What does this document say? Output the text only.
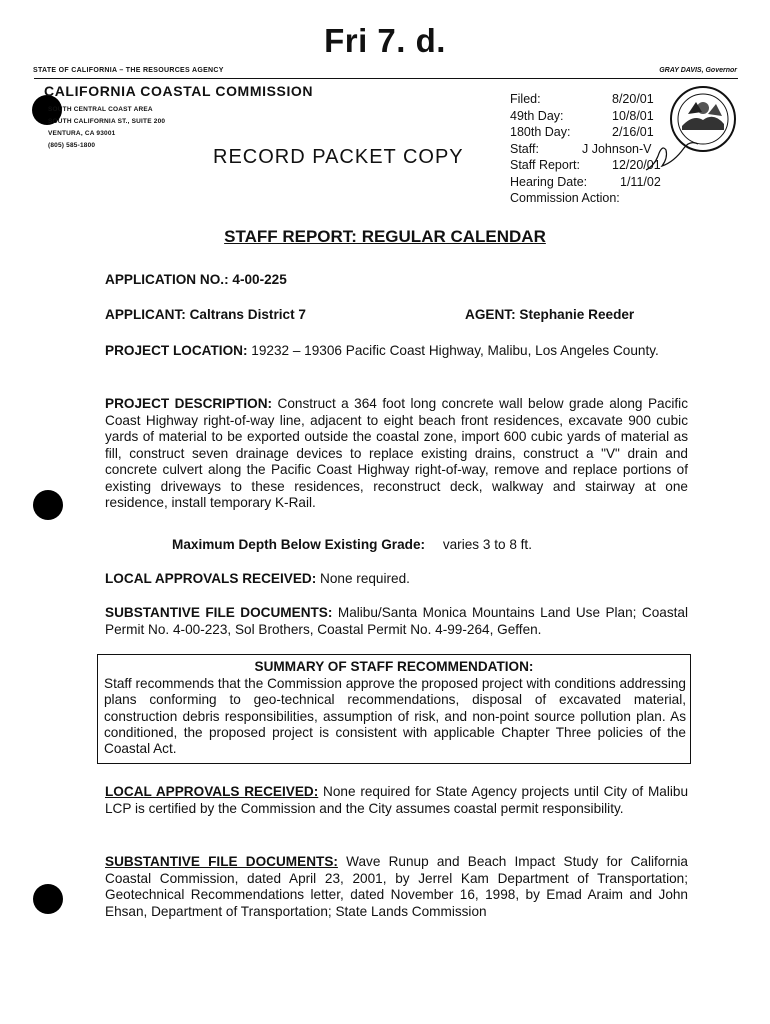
Fri 7. d.
STATE OF CALIFORNIA – THE RESOURCES AGENCY	GRAY DAVIS, Governor
CALIFORNIA COASTAL COMMISSION
SOUTH CENTRAL COAST AREA
SOUTH CALIFORNIA ST., SUITE 200
VENTURA, CA 93001
(805) 585-1800
RECORD PACKET COPY
Filed:	8/20/01
49th Day:	10/8/01
180th Day:	2/16/01
Staff:	J Johnson-V
Staff Report:	12/20/01
Hearing Date:	1/11/02
Commission Action:
STAFF REPORT: REGULAR CALENDAR
APPLICATION NO.: 4-00-225
APPLICANT: Caltrans District 7	AGENT: Stephanie Reeder
PROJECT LOCATION: 19232 – 19306 Pacific Coast Highway, Malibu, Los Angeles County.
PROJECT DESCRIPTION: Construct a 364 foot long concrete wall below grade along Pacific Coast Highway right-of-way line, adjacent to eight beach front residences, excavate 900 cubic yards of material to be exported outside the coastal zone, import 600 cubic yards of material as fill, construct seven drainage devices to replace existing drains, construct a "V" drain and concrete culvert along the Pacific Coast Highway right-of-way, remove and replace portions of existing driveways to these residences, reconstruct deck, walkway and stairway at one residence, install temporary K-Rail.
Maximum Depth Below Existing Grade: varies 3 to 8 ft.
LOCAL APPROVALS RECEIVED: None required.
SUBSTANTIVE FILE DOCUMENTS: Malibu/Santa Monica Mountains Land Use Plan; Coastal Permit No. 4-00-223, Sol Brothers, Coastal Permit No. 4-99-264, Geffen.
SUMMARY OF STAFF RECOMMENDATION:
Staff recommends that the Commission approve the proposed project with conditions addressing plans conforming to geo-technical recommendations, disposal of excavated material, construction debris responsibilities, assumption of risk, and non-point source pollution plan. As conditioned, the proposed project is consistent with applicable Chapter Three policies of the Coastal Act.
LOCAL APPROVALS RECEIVED: None required for State Agency projects until City of Malibu LCP is certified by the Commission and the City assumes coastal permit responsibility.
SUBSTANTIVE FILE DOCUMENTS: Wave Runup and Beach Impact Study for California Coastal Commission, dated April 23, 2001, by Jerrel Kam Department of Transportation; Geotechnical Recommendations letter, dated November 16, 1998, by Emad Araim and John Ehsan, Department of Transportation; State Lands Commission
